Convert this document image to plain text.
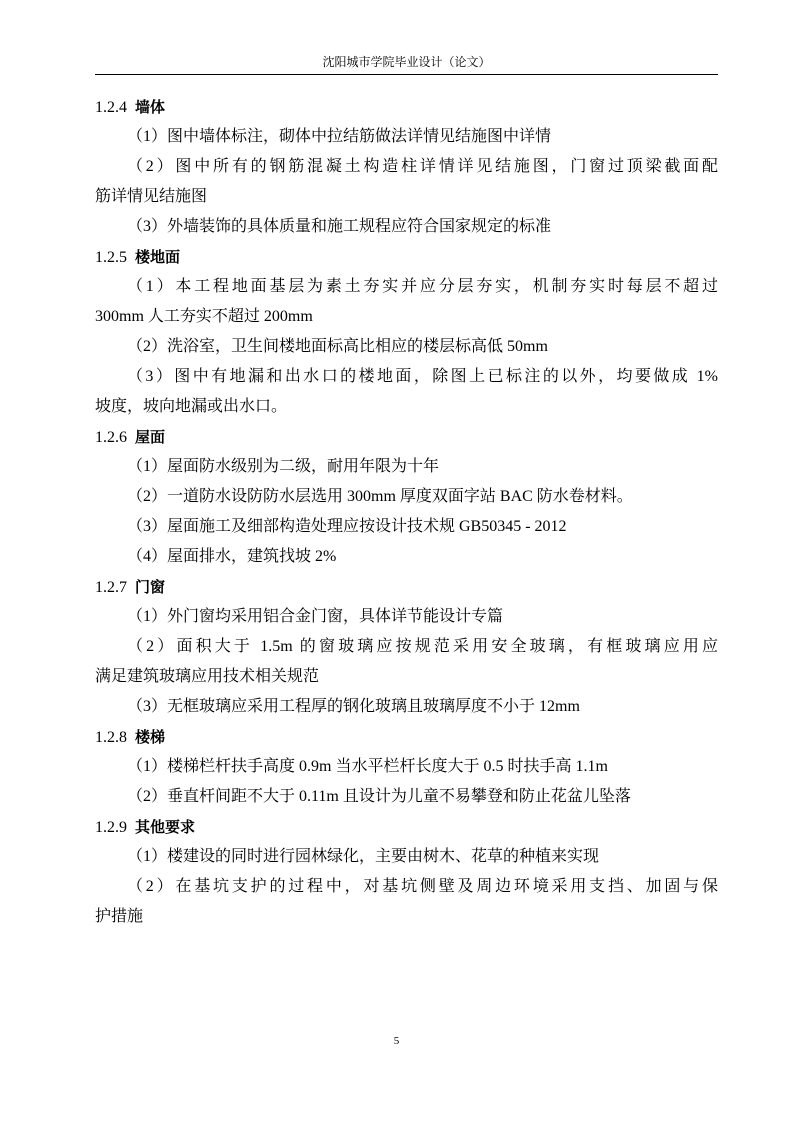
沈阳城市学院毕业设计（论文）
1.2.4 墙体
（1）图中墙体标注，砌体中拉结筋做法详情见结施图中详情
（2）图中所有的钢筋混凝土构造柱详情详见结施图，门窗过顶梁截面配
筋详情见结施图
（3）外墙装饰的具体质量和施工规程应符合国家规定的标准
1.2.5 楼地面
（1）本工程地面基层为素土夯实并应分层夯实，机制夯实时每层不超过
300mm 人工夯实不超过 200mm
（2）洗浴室，卫生间楼地面标高比相应的楼层标高低 50mm
（3）图中有地漏和出水口的楼地面，除图上已标注的以外，均要做成 1%
坡度，坡向地漏或出水口。
1.2.6 屋面
（1）屋面防水级别为二级，耐用年限为十年
（2）一道防水设防防水层选用 300mm 厚度双面字站 BAC 防水卷材料。
（3）屋面施工及细部构造处理应按设计技术规 GB50345 - 2012
（4）屋面排水，建筑找坡 2%
1.2.7 门窗
（1）外门窗均采用铝合金门窗，具体详节能设计专篇
（2）面积大于 1.5m 的窗玻璃应按规范采用安全玻璃，有框玻璃应用应
满足建筑玻璃应用技术相关规范
（3）无框玻璃应采用工程厚的钢化玻璃且玻璃厚度不小于 12mm
1.2.8 楼梯
（1）楼梯栏杆扶手高度 0.9m 当水平栏杆长度大于 0.5 时扶手高 1.1m
（2）垂直杆间距不大于 0.11m 且设计为儿童不易攀登和防止花盆儿坠落
1.2.9 其他要求
（1）楼建设的同时进行园林绿化，主要由树木、花草的种植来实现
（2）在基坑支护的过程中，对基坑侧壁及周边环境采用支挡、加固与保
护措施
5
